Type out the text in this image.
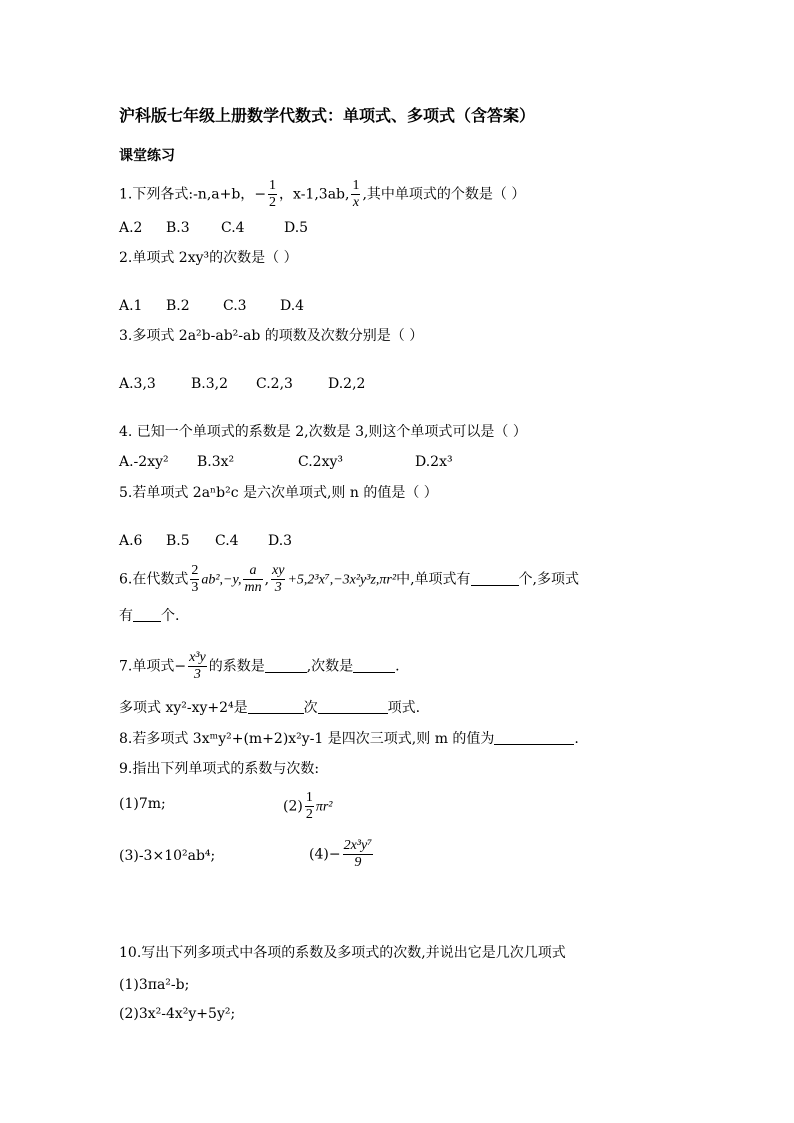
沪科版七年级上册数学代数式：单项式、多项式（含答案）
课堂练习
1.下列各式:-n,a+b，− $\frac{1}{2}$ ，x-1,3ab, $\frac{1}{x}$ ,其中单项式的个数是（ ）
A.2 B.3 C.4	D.5
2.单项式 2xy³的次数是（ ）
A.1 B.2 C.3 D.4
3.多项式 2a²b-ab²-ab 的项数及次数分别是（ ）
A.3,3	B.3,2 C.2,3	D.2,2
4. 已知一个单项式的系数是 2,次数是 3,则这个单项式可以是（ ）
A.-2xy² B.3x²	C.2xy³	D.2x³
5.若单项式 2aⁿb²c 是六次单项式,则 n 的值是（ ）
A.6 B.5 C.4 D.3
6.在代数式 $\frac{2}{3} ab^2,-y$, $\frac{a}{mn}$ , $\frac{xy}{3} +5,2^3x^7,-3x^2y^3z,\pi r^2$中,单项式有	个,多项式
有 个.
7.单项式− $\frac{\text{x³y}}{3}$ 的系数是	,次数是	.
多项式 xy²-xy+2⁴是	次	项式.
8.若多项式 3xᵐy²+(m+2)x²y-1 是四次三项式,则 m 的值为	.
9.指出下列单项式的系数与次数:
(1)7m;	$(2) \frac{1}{2} \pi r^2$
(3)-3×10²ab⁴;	$(4)- \frac{\text{2x³y⁷}}{9}$
10.写出下列多项式中各项的系数及多项式的次数,并说出它是几次几项式
(1)3πa²-b;
(2)3x²-4x²y+5y²;
